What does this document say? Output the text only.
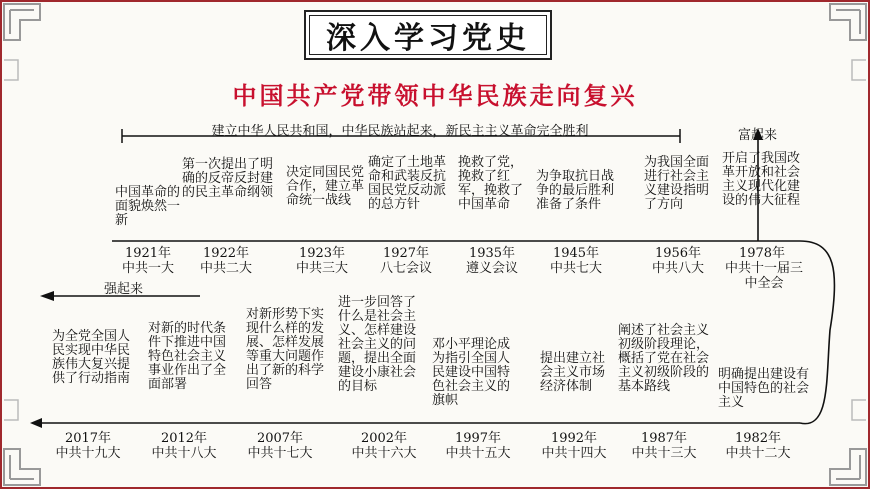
深入学习党史
中国共产党带领中华民族走向复兴
建立中华人民共和国，中华民族站起来，新民主主义革命完全胜利	富起来
强起来
中国革命的面貌焕然一新
1921年
中共一大
第一次提出了明确的反帝反封建的民主革命纲领
1922年
中共二大
决定同国民党合作，建立革命统一战线
1923年
中共三大
确定了土地革命和武装反抗国民党反动派的总方针
1927年
八七会议
挽救了党，挽救了红军，挽救了中国革命
1935年
遵义会议
为争取抗日战争的最后胜利准备了条件
1945年
中共七大
为我国全面进行社会主义建设指明了方向
1956年
中共八大
开启了我国改革开放和社会主义现代化建设的伟大征程
1978年
中共十一届三中全会
为全党全国人民实现中华民族伟大复兴提供了行动指南
2017年
中共十九大
对新的时代条件下推进中国特色社会主义事业作出了全面部署
2012年
中共十八大
对新形势下实现什么样的发展、怎样发展等重大问题作出了新的科学回答
2007年
中共十七大
进一步回答了什么是社会主义、怎样建设社会主义的问题，提出全面建设小康社会的目标
2002年
中共十六大
邓小平理论成为指引全国人民建设中国特色社会主义的旗帜
1997年
中共十五大
提出建立社会主义市场经济体制
1992年
中共十四大
阐述了社会主义初级阶段理论，概括了党在社会主义初级阶段的基本路线
1987年
中共十三大
明确提出建设有中国特色的社会主义
1982年
中共十二大
